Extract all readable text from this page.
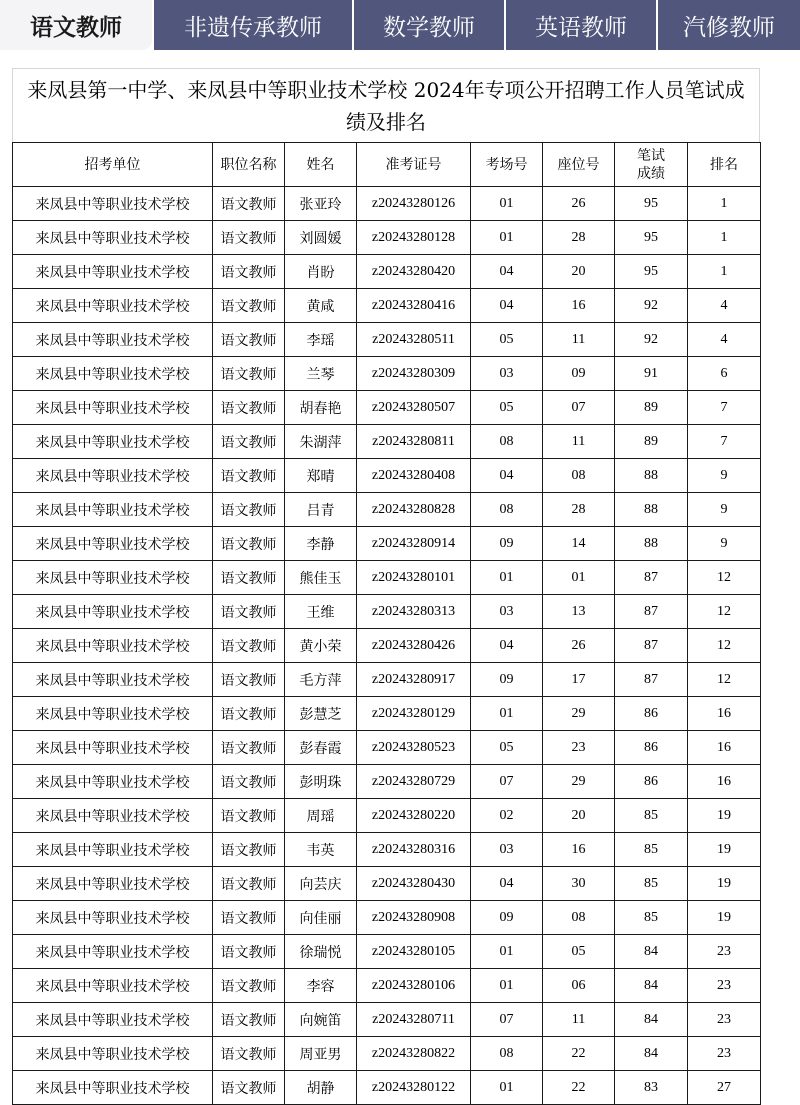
语文教师	非遗传承教师	数学教师	英语教师	汽修教师
来凤县第一中学、来凤县中等职业技术学校 2024年专项公开招聘工作人员笔试成绩及排名
招考单位	职位名称	姓名	准考证号	考场号	座位号	笔试成绩	排名
来凤县中等职业技术学校	语文教师	张亚玲	z20243280126	01	26	95	1
来凤县中等职业技术学校	语文教师	刘圆媛	z20243280128	01	28	95	1
来凤县中等职业技术学校	语文教师	肖盼	z20243280420	04	20	95	1
来凤县中等职业技术学校	语文教师	黄咸	z20243280416	04	16	92	4
来凤县中等职业技术学校	语文教师	李瑶	z20243280511	05	11	92	4
来凤县中等职业技术学校	语文教师	兰琴	z20243280309	03	09	91	6
来凤县中等职业技术学校	语文教师	胡春艳	z20243280507	05	07	89	7
来凤县中等职业技术学校	语文教师	朱湖萍	z20243280811	08	11	89	7
来凤县中等职业技术学校	语文教师	郑晴	z20243280408	04	08	88	9
来凤县中等职业技术学校	语文教师	吕青	z20243280828	08	28	88	9
来凤县中等职业技术学校	语文教师	李静	z20243280914	09	14	88	9
来凤县中等职业技术学校	语文教师	熊佳玉	z20243280101	01	01	87	12
来凤县中等职业技术学校	语文教师	王维	z20243280313	03	13	87	12
来凤县中等职业技术学校	语文教师	黄小荣	z20243280426	04	26	87	12
来凤县中等职业技术学校	语文教师	毛方萍	z20243280917	09	17	87	12
来凤县中等职业技术学校	语文教师	彭慧芝	z20243280129	01	29	86	16
来凤县中等职业技术学校	语文教师	彭春霞	z20243280523	05	23	86	16
来凤县中等职业技术学校	语文教师	彭明珠	z20243280729	07	29	86	16
来凤县中等职业技术学校	语文教师	周瑶	z20243280220	02	20	85	19
来凤县中等职业技术学校	语文教师	韦英	z20243280316	03	16	85	19
来凤县中等职业技术学校	语文教师	向芸庆	z20243280430	04	30	85	19
来凤县中等职业技术学校	语文教师	向佳丽	z20243280908	09	08	85	19
来凤县中等职业技术学校	语文教师	徐瑞悦	z20243280105	01	05	84	23
来凤县中等职业技术学校	语文教师	李容	z20243280106	01	06	84	23
来凤县中等职业技术学校	语文教师	向婉笛	z20243280711	07	11	84	23
来凤县中等职业技术学校	语文教师	周亚男	z20243280822	08	22	84	23
来凤县中等职业技术学校	语文教师	胡静	z20243280122	01	22	83	27
